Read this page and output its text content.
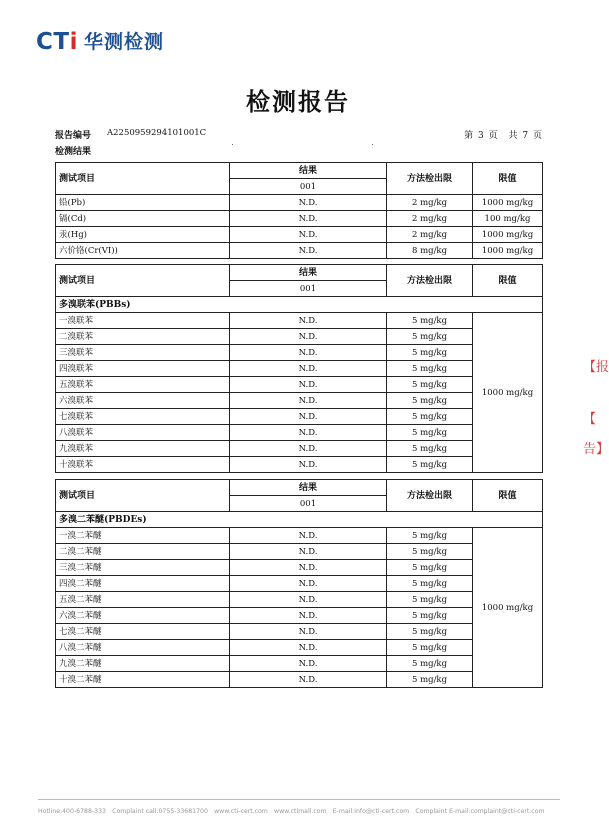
CTi 华测检测
检测报告
报告编号 A2250959294101001C	第 3 页　共 7 页
检测结果
测试项目	结果	方法检出限	限值
	001		
铅(Pb)	N.D.	2 mg/kg	1000 mg/kg
镉(Cd)	N.D.	2 mg/kg	100 mg/kg
汞(Hg)	N.D.	2 mg/kg	1000 mg/kg
六价铬(Cr(VI))	N.D.	8 mg/kg	1000 mg/kg
测试项目	结果	方法检出限	限值
	001		
多溴联苯(PBBs)			
一溴联苯	N.D.	5 mg/kg	1000 mg/kg
二溴联苯	N.D.	5 mg/kg	
三溴联苯	N.D.	5 mg/kg	
四溴联苯	N.D.	5 mg/kg	
五溴联苯	N.D.	5 mg/kg	
六溴联苯	N.D.	5 mg/kg	
七溴联苯	N.D.	5 mg/kg	
八溴联苯	N.D.	5 mg/kg	
九溴联苯	N.D.	5 mg/kg	
十溴联苯	N.D.	5 mg/kg	
测试项目	结果	方法检出限	限值
	001		
多溴二苯醚(PBDEs)			
一溴二苯醚	N.D.	5 mg/kg	1000 mg/kg
二溴二苯醚	N.D.	5 mg/kg	
三溴二苯醚	N.D.	5 mg/kg	
四溴二苯醚	N.D.	5 mg/kg	
五溴二苯醚	N.D.	5 mg/kg	
六溴二苯醚	N.D.	5 mg/kg	
七溴二苯醚	N.D.	5 mg/kg	
八溴二苯醚	N.D.	5 mg/kg	
九溴二苯醚	N.D.	5 mg/kg	
十溴二苯醚	N.D.	5 mg/kg	
【报
【
告】
Hotline:400-6788-333　Complaint call:0755-33681700　www.cti-cert.com　www.ctimall.com　E-mail:info@cti-cert.com　Complaint E-mail:complaint@cti-cert.com
